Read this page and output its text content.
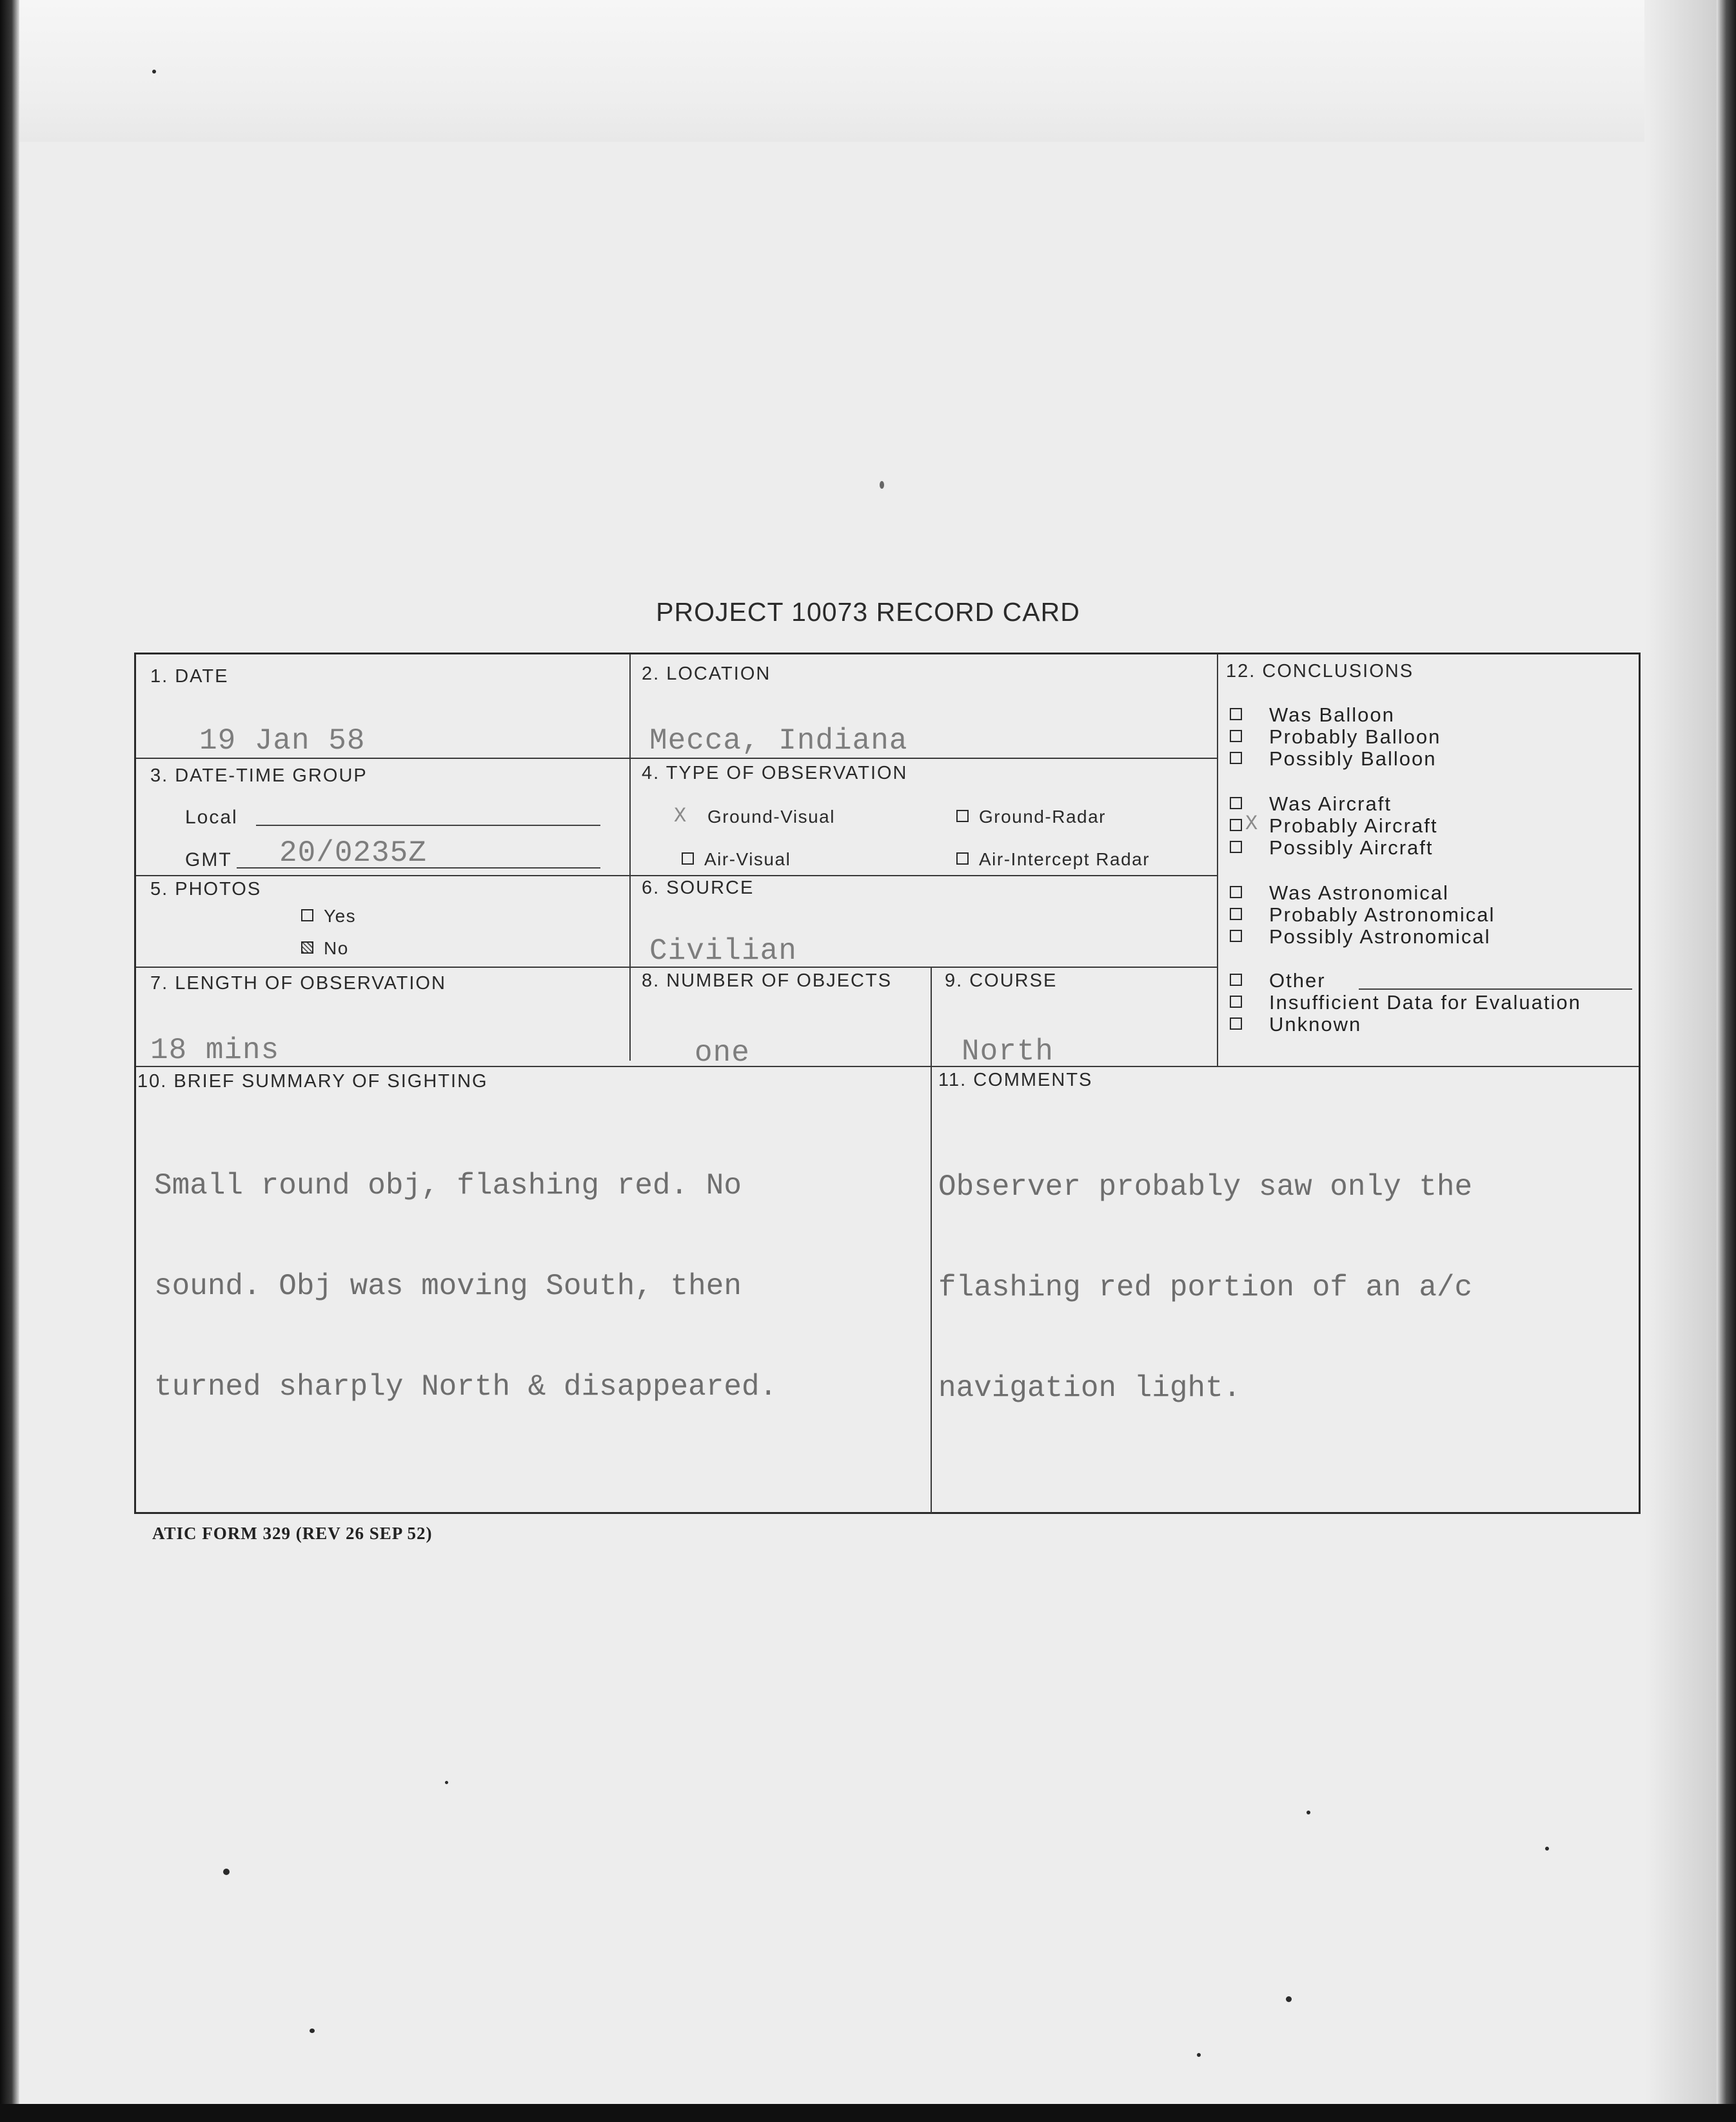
PROJECT 10073 RECORD CARD
1. DATE
19 Jan 58
2. LOCATION
Mecca, Indiana
3. DATE-TIME GROUP
Local
GMT 20/0235Z
4. TYPE OF OBSERVATION
X Ground-Visual	Ground-Radar
Air-Visual	Air-Intercept Radar
5. PHOTOS
Yes
No
6. SOURCE
Civilian
7. LENGTH OF OBSERVATION
18 mins
8. NUMBER OF OBJECTS
one
9. COURSE
North
10. BRIEF SUMMARY OF SIGHTING

Small round obj, flashing red. No

sound. Obj was moving South, then

turned sharply North & disappeared.

11. COMMENTS

Observer probably saw only the

flashing red portion of an a/c

navigation light.

12. CONCLUSIONS
Was Balloon
Probably Balloon
Possibly Balloon
Was Aircraft
X Probably Aircraft
Possibly Aircraft
Was Astronomical
Probably Astronomical
Possibly Astronomical
Other
Insufficient Data for Evaluation
Unknown
ATIC FORM 329 (REV 26 SEP 52)
